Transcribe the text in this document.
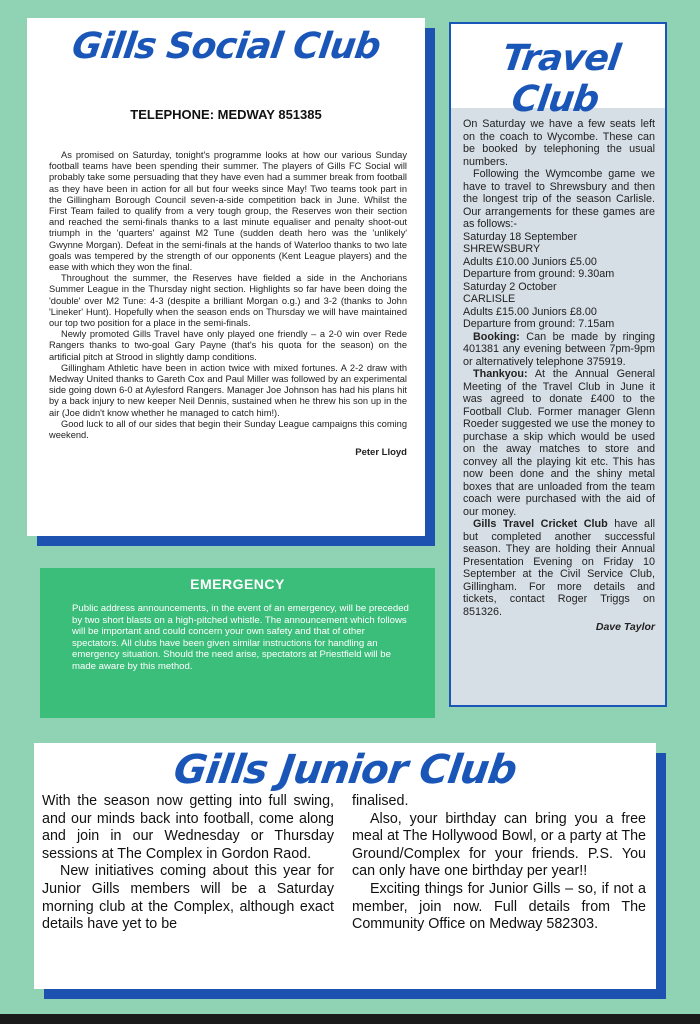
Gills Social Club
TELEPHONE: MEDWAY 851385

As promised on Saturday, tonight's programme looks at how our various Sunday football teams have been spending their summer. The players of Gills FC Social will probably take some persuading that they have even had a summer break from football as they have been in action for all but four weeks since May! Two teams took part in the Gillingham Borough Council seven-a-side competition back in June. Whilst the First Team failed to qualify from a very tough group, the Reserves won their section and reached the semi-finals thanks to a last minute equaliser and penalty shoot-out triumph in the 'quarters' against M2 Tune (sudden death hero was the 'unlikely' Gwynne Morgan). Defeat in the semi-finals at the hands of Waterloo thanks to two late goals was tempered by the strength of our opponents (Kent League players) and the ease with which they won the final.

Throughout the summer, the Reserves have fielded a side in the Anchorians Summer League in the Thursday night section. Highlights so far have been doing the 'double' over M2 Tune: 4-3 (despite a brilliant Morgan o.g.) and 3-2 (thanks to John 'Lineker' Hunt). Hopefully when the season ends on Thursday we will have maintained our top two position for a place in the semi-finals.

Newly promoted Gills Travel have only played one friendly – a 2-0 win over Rede Rangers thanks to two-goal Gary Payne (that's his quota for the season) on the artificial pitch at Strood in slightly damp conditions.

Gillingham Athletic have been in action twice with mixed fortunes. A 2-2 draw with Medway United thanks to Gareth Cox and Paul Miller was followed by an experimental side going down 6-0 at Aylesford Rangers. Manager Joe Johnson has had his plans hit by a back injury to new keeper Neil Dennis, sustained when he threw his son up in the air (Joe didn't know whether he managed to catch him!).

Good luck to all of our sides that begin their Sunday League campaigns this coming weekend.

Peter Lloyd
Travel Club

On Saturday we have a few seats left on the coach to Wycombe. These can be booked by telephoning the usual numbers.

Following the Wymcombe game we have to travel to Shrewsbury and then the longest trip of the season Carlisle. Our arrangements for these games are as follows:-

Saturday 18 September

SHREWSBURY

Adults £10.00 Juniors £5.00

Departure from ground: 9.30am

Saturday 2 October

CARLISLE

Adults £15.00 Juniors £8.00

Departure from ground: 7.15am

Booking: Can be made by ringing 401381 any evening between 7pm-9pm or alternatively telephone 375919.

Thankyou: At the Annual General Meeting of the Travel Club in June it was agreed to donate £400 to the Football Club. Former manager Glenn Roeder suggested we use the money to purchase a skip which would be used on the away matches to store and convey all the playing kit etc. This has now been done and the shiny metal boxes that are unloaded from the team coach were purchased with the aid of our money.

Gills Travel Cricket Club have all but completed another successful season. They are holding their Annual Presentation Evening on Friday 10 September at the Civil Service Club, Gillingham. For more details and tickets, contact Roger Triggs on 851326.

Dave Taylor
EMERGENCY
Public address announcements, in the event of an emergency, will be preceded by two short blasts on a high-pitched whistle. The announcement which follows will be important and could concern your own safety and that of other spectators. All clubs have been given similar instructions for handling an emergency situation. Should the need arise, spectators at Priestfield will be made aware by this method.
Gills Junior Club

With the season now getting into full swing, and our minds back into football, come along and join in our Wednesday or Thursday sessions at The Complex in Gordon Raod.

New initiatives coming about this year for Junior Gills members will be a Saturday morning club at the Complex, although exact details have yet to be

finalised.

Also, your birthday can bring you a free meal at The Hollywood Bowl, or a party at The Ground/Complex for your friends. P.S. You can only have one birthday per year!!

Exciting things for Junior Gills – so, if not a member, join now. Full details from The Community Office on Medway 582303.
